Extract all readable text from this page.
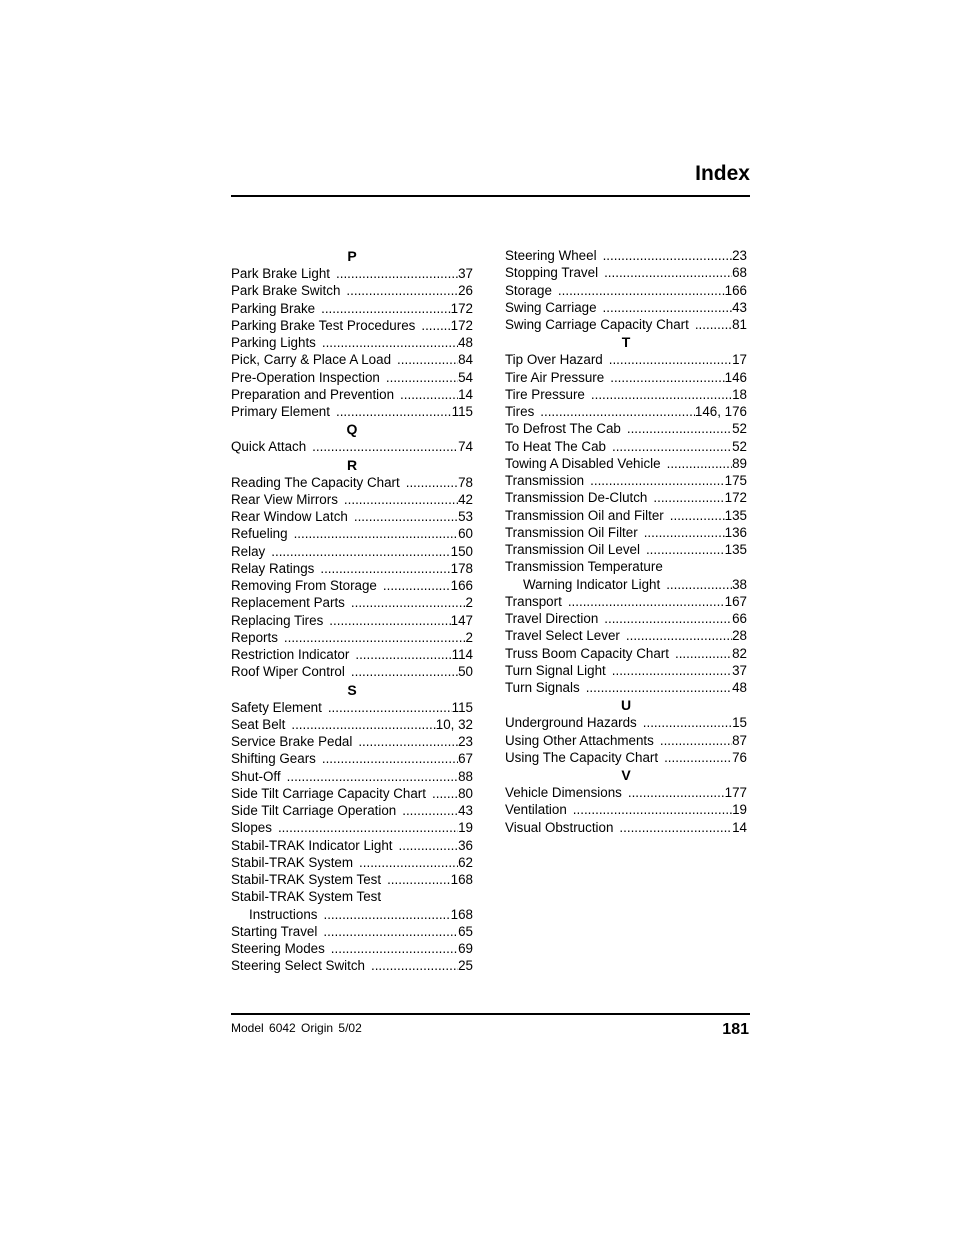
Index
P
Park Brake Light .....	37
Park Brake Switch .....	26
Parking Brake .....	172
Parking Brake Test Procedures .....	172
Parking Lights .....	48
Pick, Carry & Place A Load .....	84
Pre-Operation Inspection .....	54
Preparation and Prevention .....	14
Primary Element .....	115
Q
Quick Attach .....	74
R
Reading The Capacity Chart .....	78
Rear View Mirrors .....	42
Rear Window Latch .....	53
Refueling .....	60
Relay .....	150
Relay Ratings .....	178
Removing From Storage .....	166
Replacement Parts .....	2
Replacing Tires .....	147
Reports .....	2
Restriction Indicator .....	114
Roof Wiper Control .....	50
S
Safety Element .....	115
Seat Belt .....	10, 32
Service Brake Pedal .....	23
Shifting Gears .....	67
Shut-Off .....	88
Side Tilt Carriage Capacity Chart .....	80
Side Tilt Carriage Operation .....	43
Slopes .....	19
Stabil-TRAK Indicator Light .....	36
Stabil-TRAK System .....	62
Stabil-TRAK System Test .....	168
Stabil-TRAK System Test
Instructions .....	168
Starting Travel .....	65
Steering Modes .....	69
Steering Select Switch .....	25
Steering Wheel .....	23
Stopping Travel .....	68
Storage .....	166
Swing Carriage .....	43
Swing Carriage Capacity Chart .....	81
T
Tip Over Hazard .....	17
Tire Air Pressure .....	146
Tire Pressure .....	18
Tires .....	146, 176
To Defrost The Cab .....	52
To Heat The Cab .....	52
Towing A Disabled Vehicle .....	89
Transmission .....	175
Transmission De-Clutch .....	172
Transmission Oil and Filter .....	135
Transmission Oil Filter .....	136
Transmission Oil Level .....	135
Transmission Temperature
Warning Indicator Light .....	38
Transport .....	167
Travel Direction .....	66
Travel Select Lever .....	28
Truss Boom Capacity Chart .....	82
Turn Signal Light .....	37
Turn Signals .....	48
U
Underground Hazards .....	15
Using Other Attachments .....	87
Using The Capacity Chart .....	76
V
Vehicle Dimensions .....	177
Ventilation .....	19
Visual Obstruction .....	14
Model 6042 Origin 5/02	181
